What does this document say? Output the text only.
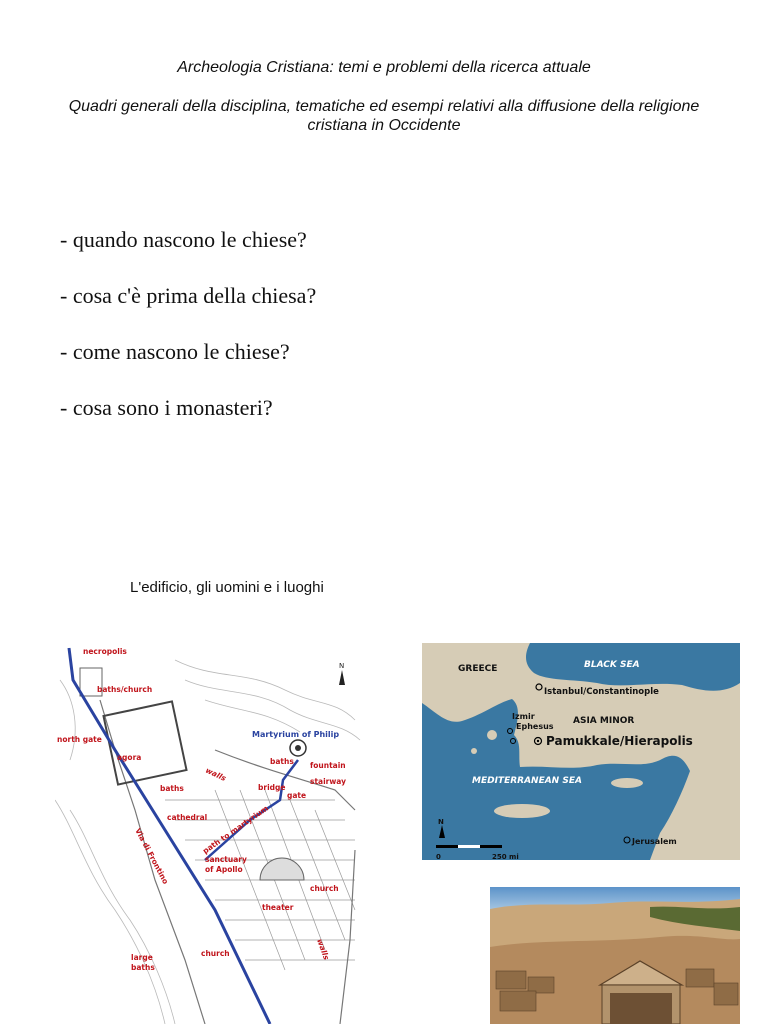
Archeologia Cristiana: temi e problemi della ricerca attuale
Quadri generali della disciplina, tematiche ed esempi relativi alla diffusione della religione cristiana in Occidente
- quando nascono le chiese?
- cosa c'è prima della chiesa?
- come nascono le chiese?
- cosa sono i monasteri?
L'edificio, gli uomini e i luoghi
N
necropolis
baths/church
north gate
agora	baths fountain
stairway
walls
baths	bridge
gate
cathedral
path to martyrium
Via di Frontino	sanctuary
of Apollo
church
theater
walls
church
large
baths
Martyrium of Philip
GREECE	BLACK SEA
Istanbul/Constantinople
Izmir
Ephesus
ASIA MINOR
Pamukkale/Hierapolis
MEDITERRANEAN SEA
Jerusalem
0	250 mi
N
